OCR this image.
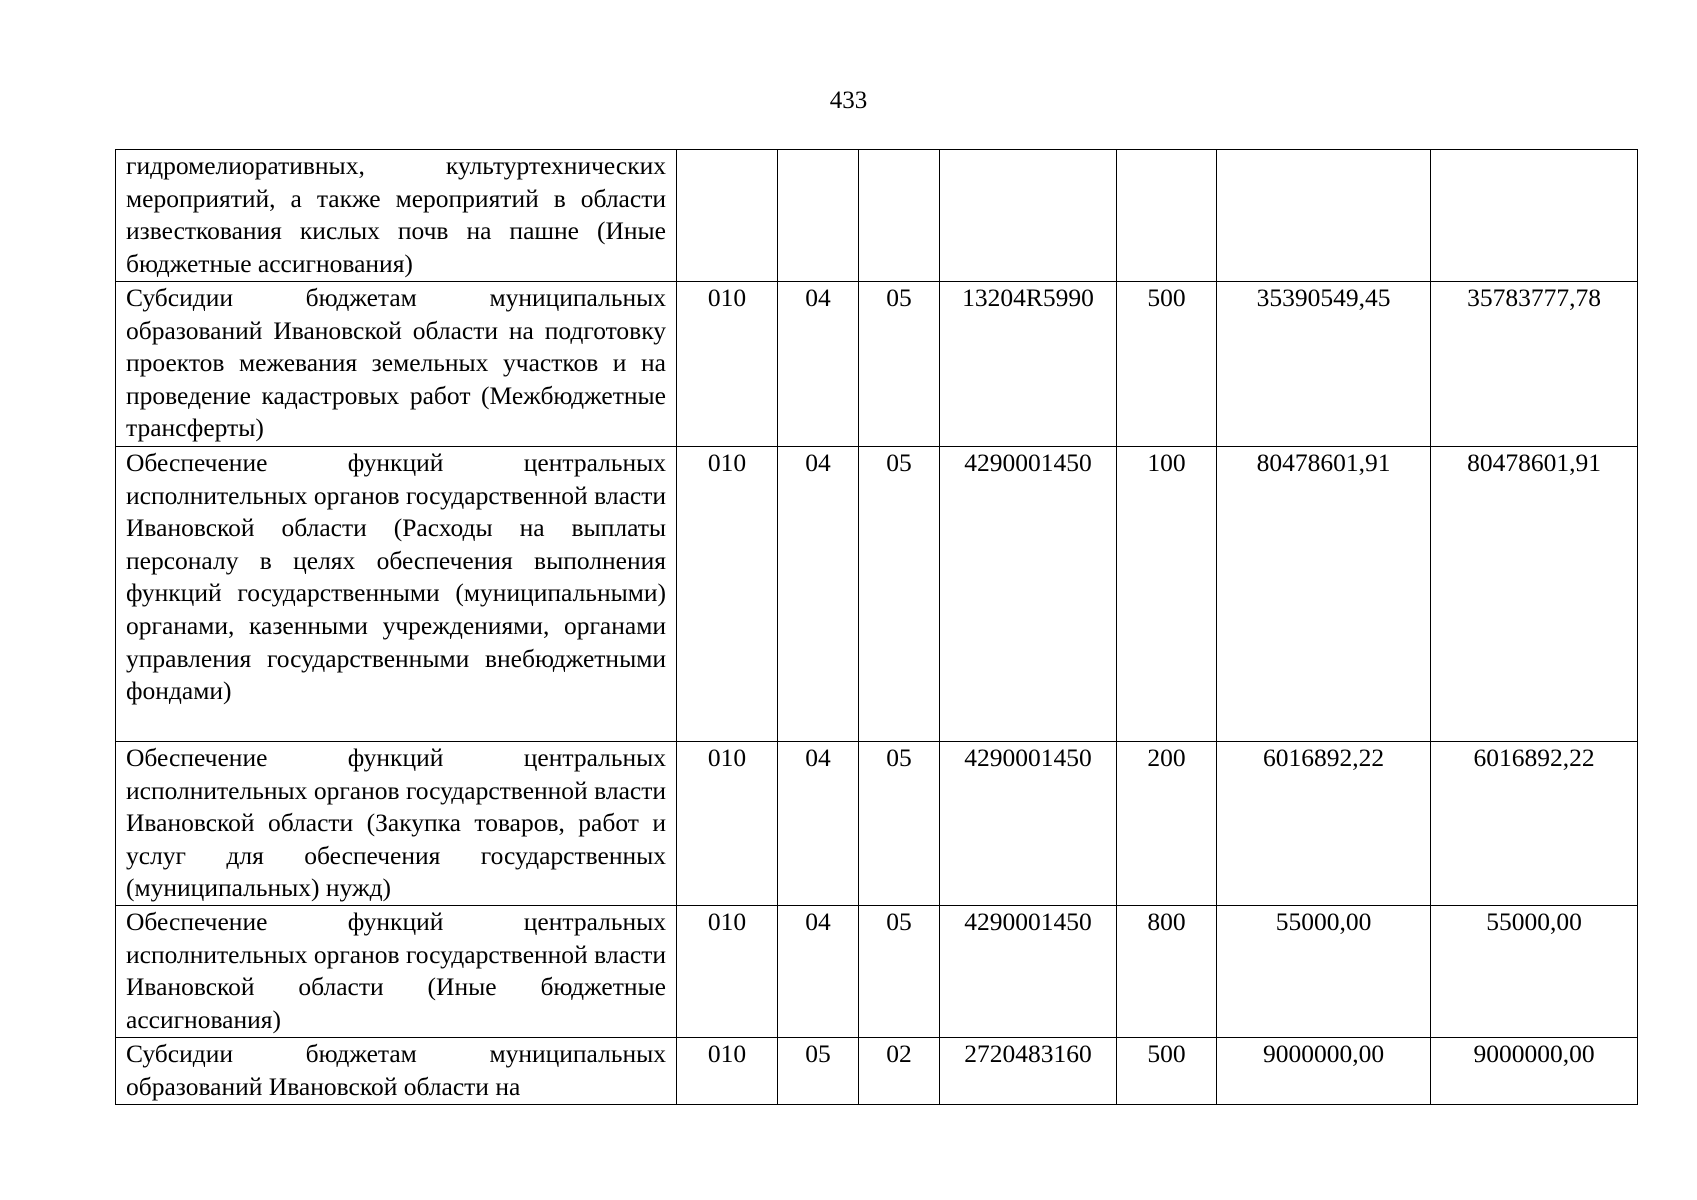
433
гидромелиоративных, культуртехнических мероприятий, а также мероприятий в области известкования кислых почв на пашне (Иные бюджетные ассигнования)							
Субсидии бюджетам муниципальных образований Ивановской области на подготовку проектов межевания земельных участков и на проведение кадастровых работ (Межбюджетные трансферты)	010	04	05	13204R5990	500	35390549,45	35783777,78
Обеспечение функций центральных исполнительных органов государственной власти Ивановской области (Расходы на выплаты персоналу в целях обеспечения выполнения функций государственными (муниципальными) органами, казенными учреждениями, органами управления государственными внебюджетными фондами)	010	04	05	4290001450	100	80478601,91	80478601,91
Обеспечение функций центральных исполнительных органов государственной власти Ивановской области (Закупка товаров, работ и услуг для обеспечения государственных (муниципальных) нужд)	010	04	05	4290001450	200	6016892,22	6016892,22
Обеспечение функций центральных исполнительных органов государственной власти Ивановской области (Иные бюджетные ассигнования)	010	04	05	4290001450	800	55000,00	55000,00
Субсидии бюджетам муниципальных образований Ивановской области на	010	05	02	2720483160	500	9000000,00	9000000,00
